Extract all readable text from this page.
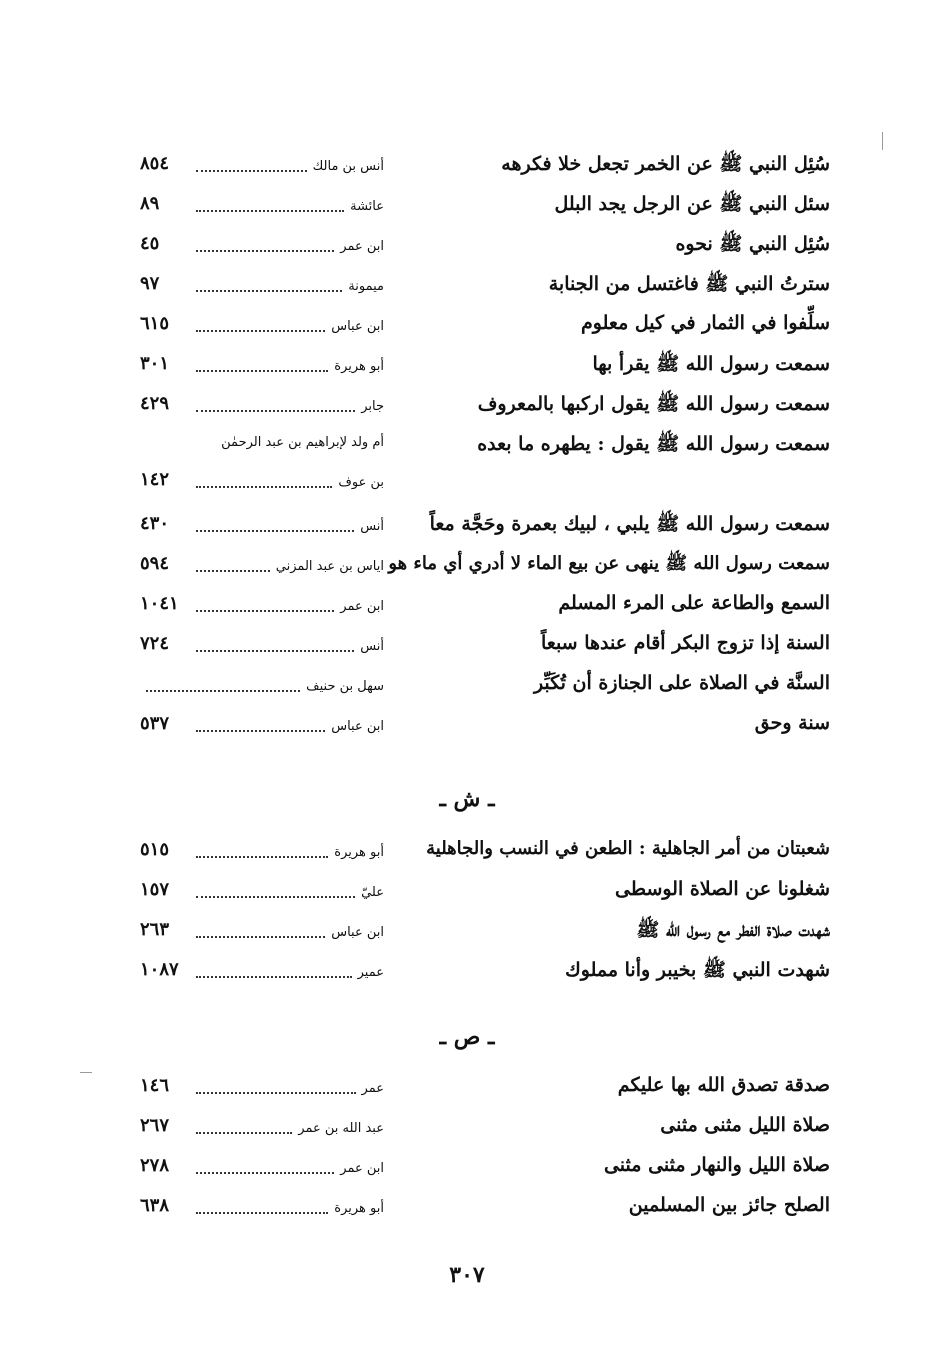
سُئِل النبي ﷺ عن الخمر تجعل خلا فكرهه
أنس بن مالك
٨٥٤
سئل النبي ﷺ عن الرجل يجد البلل
عائشة
٨٩
سُئِل النبي ﷺ نحوه
ابن عمر
٤٥
سترتُ النبي ﷺ فاغتسل من الجنابة
ميمونة
٩٧
سلِّفوا في الثمار في كيل معلوم
ابن عباس
٦١٥
سمعت رسول الله ﷺ يقرأ بها
أبو هريرة
٣٠١
سمعت رسول الله ﷺ يقول اركبها بالمعروف
جابر
٤٢٩
سمعت رسول الله ﷺ يقول : يطهره ما بعده
أم ولد لإبراهيم بن عبد الرحمٰن
بن عوف
١٤٢
سمعت رسول الله ﷺ يلبي ، لبيك بعمرة وحَجَّة معاً
أنس
٤٣٠
سمعت رسول الله ﷺ ينهى عن بيع الماء لا أدري أي ماء هو
اياس بن عبد المزني
٥٩٤
السمع والطاعة على المرء المسلم
ابن عمر
١٠٤١
السنة إذا تزوج البكر أقام عندها سبعاً
أنس
٧٢٤
السنَّة في الصلاة على الجنازة أن تُكَبِّر
سهل بن حنيف
سنة وحق
ابن عباس
٥٣٧
ـ ش ـ
شعبتان من أمر الجاهلية : الطعن في النسب والجاهلية
أبو هريرة
٥١٥
شغلونا عن الصلاة الوسطى
عليّ
١٥٧
شهدت صلاة الفطر مع رسول الله ﷺ
ابن عباس
٢٦٣
شهدت النبي ﷺ بخيبر وأنا مملوك
عمير
١٠٨٧
ـ ص ـ
صدقة تصدق الله بها عليكم
عمر
١٤٦
صلاة الليل مثنى مثنى
عبد الله بن عمر
٢٦٧
صلاة الليل والنهار مثنى مثنى
ابن عمر
٢٧٨
الصلح جائز بين المسلمين
أبو هريرة
٦٣٨
٣٠٧
